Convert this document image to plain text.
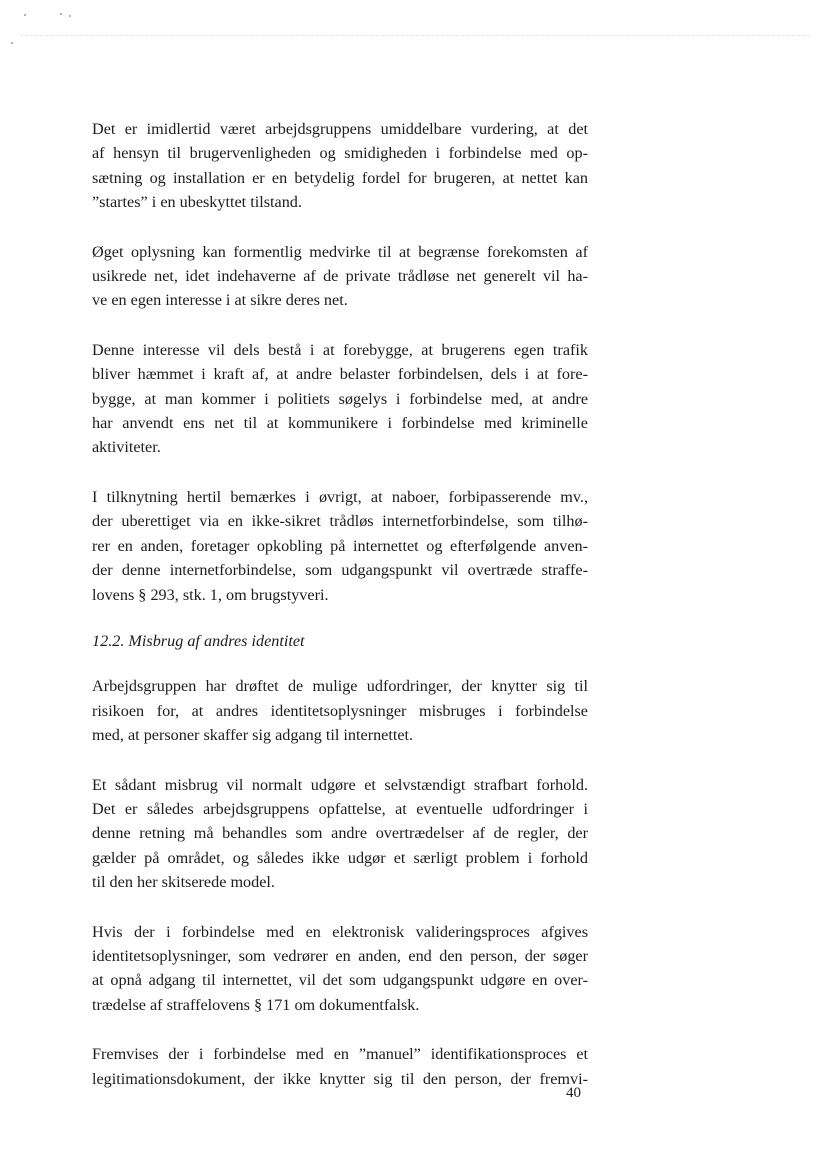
Det er imidlertid været arbejdsgruppens umiddelbare vurdering, at det
af hensyn til brugervenligheden og smidigheden i forbindelse med op-
sætning og installation er en betydelig fordel for brugeren, at nettet kan
”startes” i en ubeskyttet tilstand.

Øget oplysning kan formentlig medvirke til at begrænse forekomsten af
usikrede net, idet indehaverne af de private trådløse net generelt vil ha-
ve en egen interesse i at sikre deres net.

Denne interesse vil dels bestå i at forebygge, at brugerens egen trafik
bliver hæmmet i kraft af, at andre belaster forbindelsen, dels i at fore-
bygge, at man kommer i politiets søgelys i forbindelse med, at andre
har anvendt ens net til at kommunikere i forbindelse med kriminelle
aktiviteter.

I tilknytning hertil bemærkes i øvrigt, at naboer, forbipasserende mv.,
der uberettiget via en ikke-sikret trådløs internetforbindelse, som tilhø-
rer en anden, foretager opkobling på internettet og efterfølgende anven-
der denne internetforbindelse, som udgangspunkt vil overtræde straffe-
lovens § 293, stk. 1, om brugstyveri.

12.2. Misbrug af andres identitet

Arbejdsgruppen har drøftet de mulige udfordringer, der knytter sig til
risikoen for, at andres identitetsoplysninger misbruges i forbindelse
med, at personer skaffer sig adgang til internettet.

Et sådant misbrug vil normalt udgøre et selvstændigt strafbart forhold.
Det er således arbejdsgruppens opfattelse, at eventuelle udfordringer i
denne retning må behandles som andre overtrædelser af de regler, der
gælder på området, og således ikke udgør et særligt problem i forhold
til den her skitserede model.

Hvis der i forbindelse med en elektronisk valideringsproces afgives
identitetsoplysninger, som vedrører en anden, end den person, der søger
at opnå adgang til internettet, vil det som udgangspunkt udgøre en over-
trædelse af straffelovens § 171 om dokumentfalsk.

Fremvises der i forbindelse med en ”manuel” identifikationsproces et
legitimationsdokument, der ikke knytter sig til den person, der fremvi-

40
